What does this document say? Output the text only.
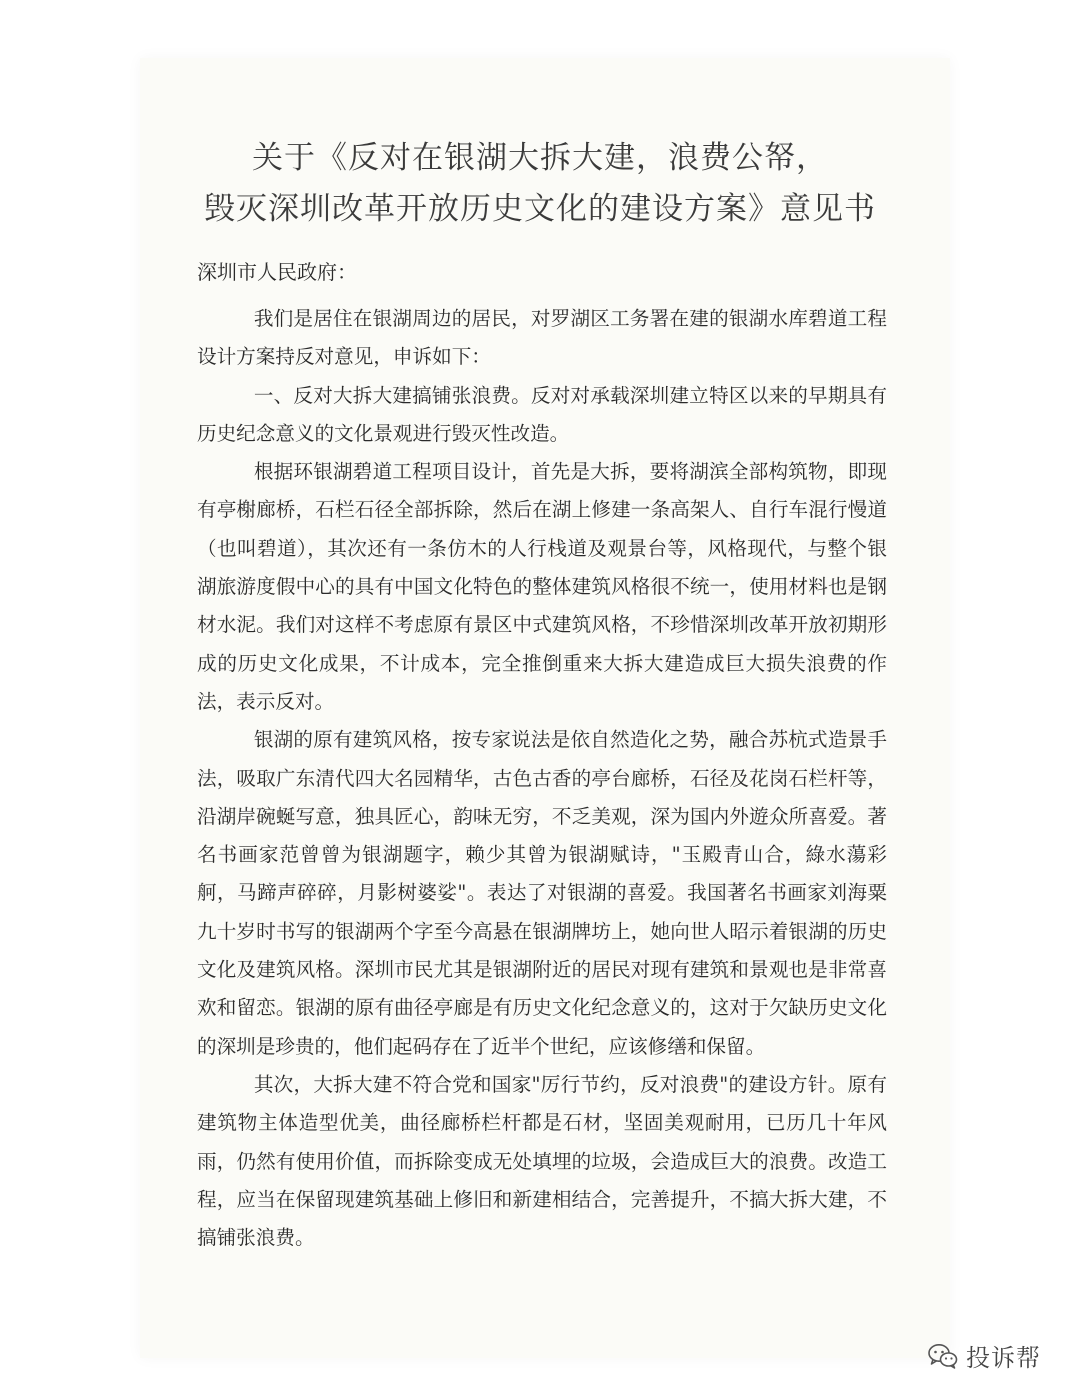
关于《反对在银湖大拆大建，浪费公帑，
毁灭深圳改革开放历史文化的建设方案》意见书
深圳市人民政府：

我们是居住在银湖周边的居民，对罗湖区工务署在建的银湖水库碧道工程设计方案持反对意见，申诉如下：

一、反对大拆大建搞铺张浪费。反对对承载深圳建立特区以来的早期具有历史纪念意义的文化景观进行毁灭性改造。

根据环银湖碧道工程项目设计，首先是大拆，要将湖滨全部构筑物，即现有亭榭廊桥，石栏石径全部拆除，然后在湖上修建一条高架人、自行车混行慢道（也叫碧道），其次还有一条仿木的人行栈道及观景台等，风格现代，与整个银湖旅游度假中心的具有中国文化特色的整体建筑风格很不统一，使用材料也是钢材水泥。我们对这样不考虑原有景区中式建筑风格，不珍惜深圳改革开放初期形成的历史文化成果，不计成本，完全推倒重来大拆大建造成巨大损失浪费的作法，表示反对。

银湖的原有建筑风格，按专家说法是依自然造化之势，融合苏杭式造景手法，吸取广东清代四大名园精华，古色古香的亭台廊桥，石径及花岗石栏杆等，沿湖岸碗蜒写意，独具匠心，韵味无穷，不乏美观，深为国内外遊众所喜爱。著名书画家范曾曾为银湖题字，赖少其曾为银湖赋诗，"玉殿青山合，綠水蕩彩舸，马蹄声碎碎，月影树婆娑"。表达了对银湖的喜爱。我国著名书画家刘海粟九十岁时书写的银湖两个字至今高悬在银湖牌坊上，她向世人昭示着银湖的历史文化及建筑风格。深圳市民尤其是银湖附近的居民对现有建筑和景观也是非常喜欢和留恋。银湖的原有曲径亭廊是有历史文化纪念意义的，这对于欠缺历史文化的深圳是珍贵的，他们起码存在了近半个世纪，应该修缮和保留。

其次，大拆大建不符合党和国家"厉行节约，反对浪费"的建设方针。原有建筑物主体造型优美，曲径廊桥栏杆都是石材，坚固美观耐用，已历几十年风雨，仍然有使用价值，而拆除变成无处填埋的垃圾，会造成巨大的浪费。改造工程，应当在保留现建筑基础上修旧和新建相结合，完善提升，不搞大拆大建，不搞铺张浪费。

投诉帮
